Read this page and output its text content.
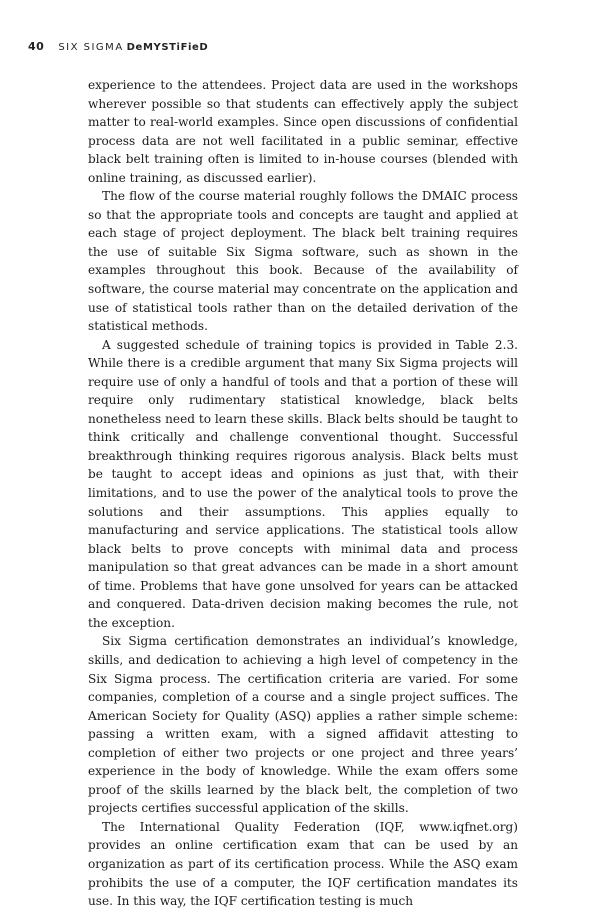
40 SIX SIGMA DeMYSTiFieD

experience to the attendees. Project data are used in the workshops wherever possible so that students can effectively apply the subject matter to real-world examples. Since open discussions of confidential process data are not well facilitated in a public seminar, effective black belt training often is limited to in-house courses (blended with online training, as discussed earlier).

The flow of the course material roughly follows the DMAIC process so that the appropriate tools and concepts are taught and applied at each stage of project deployment. The black belt training requires the use of suitable Six Sigma software, such as shown in the examples throughout this book. Because of the availability of software, the course material may concentrate on the application and use of statistical tools rather than on the detailed derivation of the statistical methods.

A suggested schedule of training topics is provided in Table 2.3. While there is a credible argument that many Six Sigma projects will require use of only a handful of tools and that a portion of these will require only rudimentary statistical knowledge, black belts nonetheless need to learn these skills. Black belts should be taught to think critically and challenge conventional thought. Successful breakthrough thinking requires rigorous analysis. Black belts must be taught to accept ideas and opinions as just that, with their limitations, and to use the power of the analytical tools to prove the solutions and their assumptions. This applies equally to manufacturing and service applications. The statistical tools allow black belts to prove concepts with minimal data and process manipulation so that great advances can be made in a short amount of time. Problems that have gone unsolved for years can be attacked and conquered. Data-driven decision making becomes the rule, not the exception.

Six Sigma certification demonstrates an individual’s knowledge, skills, and dedication to achieving a high level of competency in the Six Sigma process. The certification criteria are varied. For some companies, completion of a course and a single project suffices. The American Society for Quality (ASQ) applies a rather simple scheme: passing a written exam, with a signed affidavit attesting to completion of either two projects or one project and three years’ experience in the body of knowledge. While the exam offers some proof of the skills learned by the black belt, the completion of two projects certifies successful application of the skills.

The International Quality Federation (IQF, www.iqfnet.org) provides an online certification exam that can be used by an organization as part of its certification process. While the ASQ exam prohibits the use of a computer, the IQF certification mandates its use. In this way, the IQF certification testing is much
